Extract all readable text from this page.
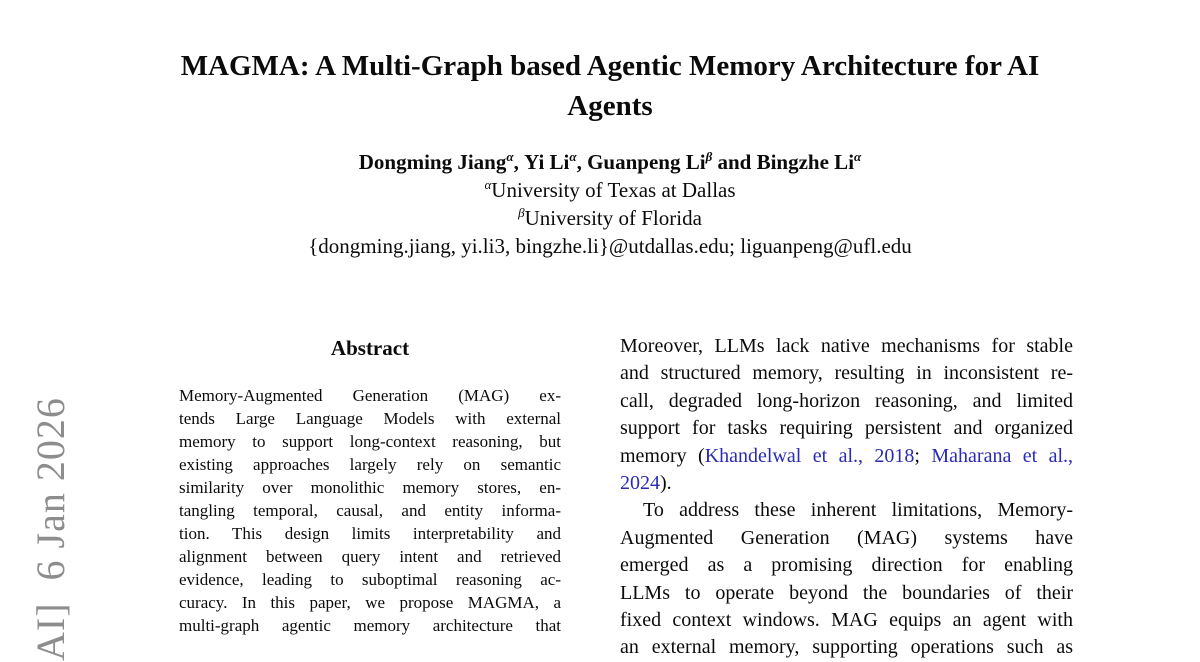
AI]  6 Jan 2026
MAGMA: A Multi-Graph based Agentic Memory Architecture for AI
Agents
Dongming Jiang$^\alpha$, Yi $Li^\alpha$, Guanpeng $Li^\beta$ and Bingzhe $Li^\alpha$
$^\alpha$University of Texas at Dallas
$^\beta$University of Florida
{dongming.jiang, yi.li3, bingzhe.li}@utdallas.edu; liguanpeng@ufl.edu
Abstract
Memory-Augmented Generation (MAG) ex-
tends Large Language Models with external
memory to support long-context reasoning, but
existing approaches largely rely on semantic
similarity over monolithic memory stores, en-
tangling temporal, causal, and entity informa-
tion. This design limits interpretability and
alignment between query intent and retrieved
evidence, leading to suboptimal reasoning ac-
curacy. In this paper, we propose MAGMA, a
multi-graph agentic memory architecture that
Moreover, LLMs lack native mechanisms for stable
and structured memory, resulting in inconsistent re-
call, degraded long-horizon reasoning, and limited
support for tasks requiring persistent and organized
memory (Khandelwal et al., 2018; Maharana et al.,
2024).
To address these inherent limitations, Memory-
Augmented Generation (MAG) systems have
emerged as a promising direction for enabling
LLMs to operate beyond the boundaries of their
fixed context windows. MAG equips an agent with
an external memory, supporting operations such as
